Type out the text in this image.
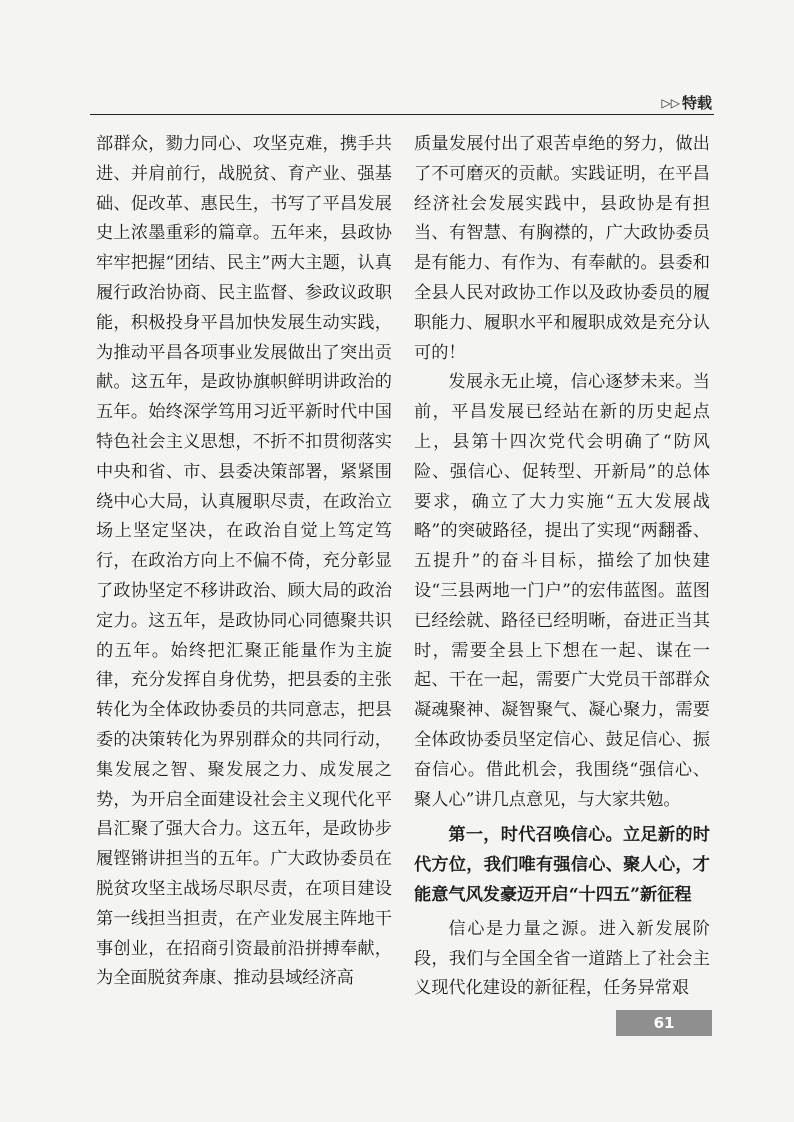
▷▷ 特载

部群众，勠力同心、攻坚克难，携手共进、并肩前行，战脱贫、育产业、强基础、促改革、惠民生，书写了平昌发展史上浓墨重彩的篇章。五年来，县政协牢牢把握“团结、民主”两大主题，认真履行政治协商、民主监督、参政议政职能，积极投身平昌加快发展生动实践，为推动平昌各项事业发展做出了突出贡献。这五年，是政协旗帜鲜明讲政治的五年。始终深学笃用习近平新时代中国特色社会主义思想，不折不扣贯彻落实中央和省、市、县委决策部署，紧紧围绕中心大局，认真履职尽责，在政治立场上坚定坚决，在政治自觉上笃定笃行，在政治方向上不偏不倚，充分彰显了政协坚定不移讲政治、顾大局的政治定力。这五年，是政协同心同德聚共识的五年。始终把汇聚正能量作为主旋律，充分发挥自身优势，把县委的主张转化为全体政协委员的共同意志，把县委的决策转化为界别群众的共同行动，集发展之智、聚发展之力、成发展之势，为开启全面建设社会主义现代化平昌汇聚了强大合力。这五年，是政协步履铿锵讲担当的五年。广大政协委员在脱贫攻坚主战场尽职尽责，在项目建设第一线担当担责，在产业发展主阵地干事创业，在招商引资最前沿拼搏奉献，为全面脱贫奔康、推动县域经济高

质量发展付出了艰苦卓绝的努力，做出了不可磨灭的贡献。实践证明，在平昌经济社会发展实践中，县政协是有担当、有智慧、有胸襟的，广大政协委员是有能力、有作为、有奉献的。县委和全县人民对政协工作以及政协委员的履职能力、履职水平和履职成效是充分认可的！

发展永无止境，信心逐梦未来。当前，平昌发展已经站在新的历史起点上，县第十四次党代会明确了“防风险、强信心、促转型、开新局”的总体要求，确立了大力实施“五大发展战略”的突破路径，提出了实现“两翻番、五提升”的奋斗目标，描绘了加快建设“三县两地一门户”的宏伟蓝图。蓝图已经绘就、路径已经明晰，奋进正当其时，需要全县上下想在一起、谋在一起、干在一起，需要广大党员干部群众凝魂聚神、凝智聚气、凝心聚力，需要全体政协委员坚定信心、鼓足信心、振奋信心。借此机会，我围绕“强信心、聚人心”讲几点意见，与大家共勉。

第一，时代召唤信心。立足新的时代方位，我们唯有强信心、聚人心，才能意气风发豪迈开启“十四五”新征程

信心是力量之源。进入新发展阶段，我们与全国全省一道踏上了社会主义现代化建设的新征程，任务异常艰

61
